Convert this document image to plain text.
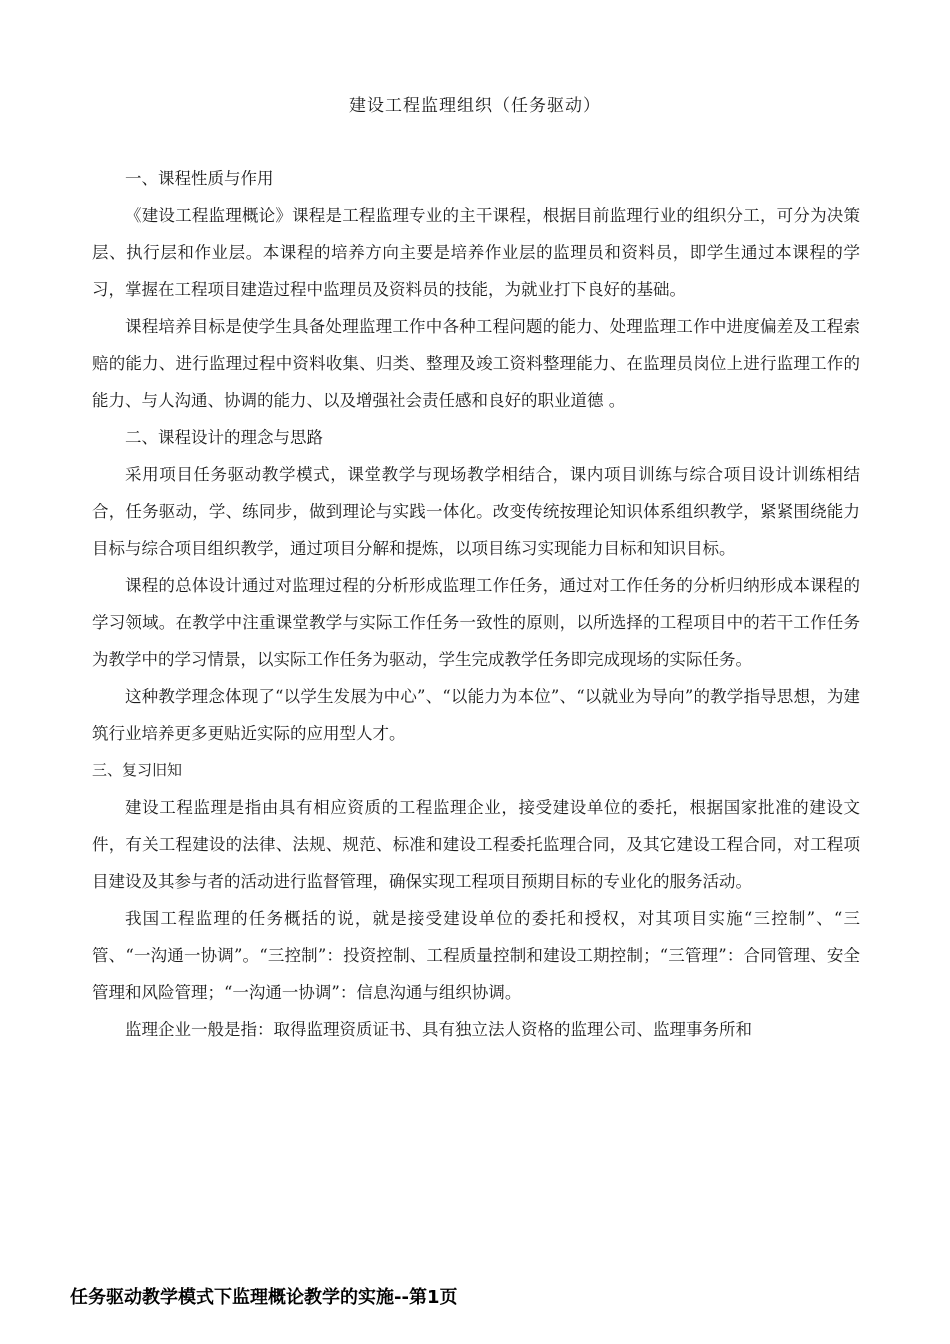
建设工程监理组织（任务驱动）

一、课程性质与作用

《建设工程监理概论》课程是工程监理专业的主干课程，根据目前监理行业的组织分工，可分为决策层、执行层和作业层。本课程的培养方向主要是培养作业层的监理员和资料员，即学生通过本课程的学习，掌握在工程项目建造过程中监理员及资料员的技能，为就业打下良好的基础。

课程培养目标是使学生具备处理监理工作中各种工程问题的能力、处理监理工作中进度偏差及工程索赔的能力、进行监理过程中资料收集、归类、整理及竣工资料整理能力、在监理员岗位上进行监理工作的能力、与人沟通、协调的能力、以及增强社会责任感和良好的职业道德 。

二、课程设计的理念与思路

采用项目任务驱动教学模式，课堂教学与现场教学相结合，课内项目训练与综合项目设计训练相结合，任务驱动，学、练同步，做到理论与实践一体化。改变传统按理论知识体系组织教学，紧紧围绕能力目标与综合项目组织教学，通过项目分解和提炼，以项目练习实现能力目标和知识目标。

课程的总体设计通过对监理过程的分析形成监理工作任务，通过对工作任务的分析归纳形成本课程的学习领域。在教学中注重课堂教学与实际工作任务一致性的原则，以所选择的工程项目中的若干工作任务为教学中的学习情景，以实际工作任务为驱动，学生完成教学任务即完成现场的实际任务。

这种教学理念体现了“以学生发展为中心”、“以能力为本位”、“以就业为导向”的教学指导思想，为建筑行业培养更多更贴近实际的应用型人才。

三、复习旧知

建设工程监理是指由具有相应资质的工程监理企业，接受建设单位的委托，根据国家批准的建设文件，有关工程建设的法律、法规、规范、标准和建设工程委托监理合同，及其它建设工程合同，对工程项目建设及其参与者的活动进行监督管理，确保实现工程项目预期目标的专业化的服务活动。

我国工程监理的任务概括的说，就是接受建设单位的委托和授权，对其项目实施“三控制”、“三管、“一沟通一协调”。“三控制”：投资控制、工程质量控制和建设工期控制；“三管理”：合同管理、安全管理和风险管理；“一沟通一协调”：信息沟通与组织协调。

监理企业一般是指：取得监理资质证书、具有独立法人资格的监理公司、监理事务所和

任务驱动教学模式下监理概论教学的实施--第1页
